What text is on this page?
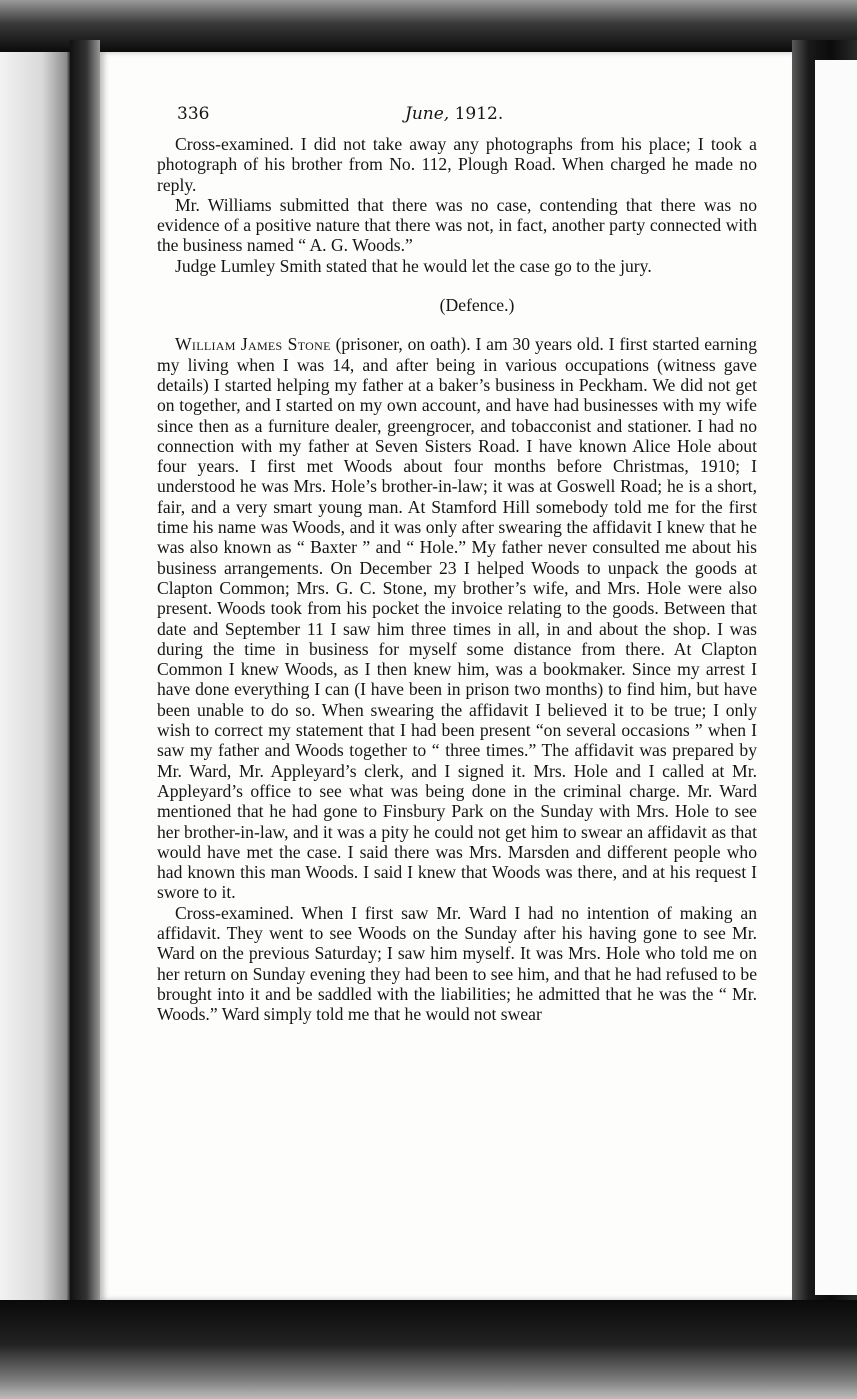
336	June, 1912.

Cross-examined. I did not take away any photographs from his place; I took a photograph of his brother from No. 112, Plough Road. When charged he made no reply.

Mr. Williams submitted that there was no case, contending that there was no evidence of a positive nature that there was not, in fact, another party connected with the business named “ A. G. Woods.”

Judge Lumley Smith stated that he would let the case go to the jury.

(Defence.)

William James Stone (prisoner, on oath). I am 30 years old. I first started earning my living when I was 14, and after being in various occupations (witness gave details) I started helping my father at a baker’s business in Peckham. We did not get on together, and I started on my own account, and have had businesses with my wife since then as a furniture dealer, greengrocer, and tobacconist and stationer. I had no connection with my father at Seven Sisters Road. I have known Alice Hole about four years. I first met Woods about four months before Christmas, 1910; I understood he was Mrs. Hole’s brother-in-law; it was at Goswell Road; he is a short, fair, and a very smart young man. At Stamford Hill somebody told me for the first time his name was Woods, and it was only after swearing the affidavit I knew that he was also known as “ Baxter ” and “ Hole.” My father never consulted me about his business arrangements. On December 23 I helped Woods to unpack the goods at Clapton Common; Mrs. G. C. Stone, my brother’s wife, and Mrs. Hole were also present. Woods took from his pocket the invoice relating to the goods. Between that date and September 11 I saw him three times in all, in and about the shop. I was during the time in business for myself some distance from there. At Clapton Common I knew Woods, as I then knew him, was a bookmaker. Since my arrest I have done everything I can (I have been in prison two months) to find him, but have been unable to do so. When swearing the affidavit I believed it to be true; I only wish to correct my statement that I had been present “on several occasions ” when I saw my father and Woods together to “ three times.” The affidavit was prepared by Mr. Ward, Mr. Appleyard’s clerk, and I signed it. Mrs. Hole and I called at Mr. Appleyard’s office to see what was being done in the criminal charge. Mr. Ward mentioned that he had gone to Finsbury Park on the Sunday with Mrs. Hole to see her brother-in-law, and it was a pity he could not get him to swear an affidavit as that would have met the case. I said there was Mrs. Marsden and different people who had known this man Woods. I said I knew that Woods was there, and at his request I swore to it.

Cross-examined. When I first saw Mr. Ward I had no intention of making an affidavit. They went to see Woods on the Sunday after his having gone to see Mr. Ward on the previous Saturday; I saw him myself. It was Mrs. Hole who told me on her return on Sunday evening they had been to see him, and that he had refused to be brought into it and be saddled with the liabilities; he admitted that he was the “ Mr. Woods.” Ward simply told me that he would not swear
